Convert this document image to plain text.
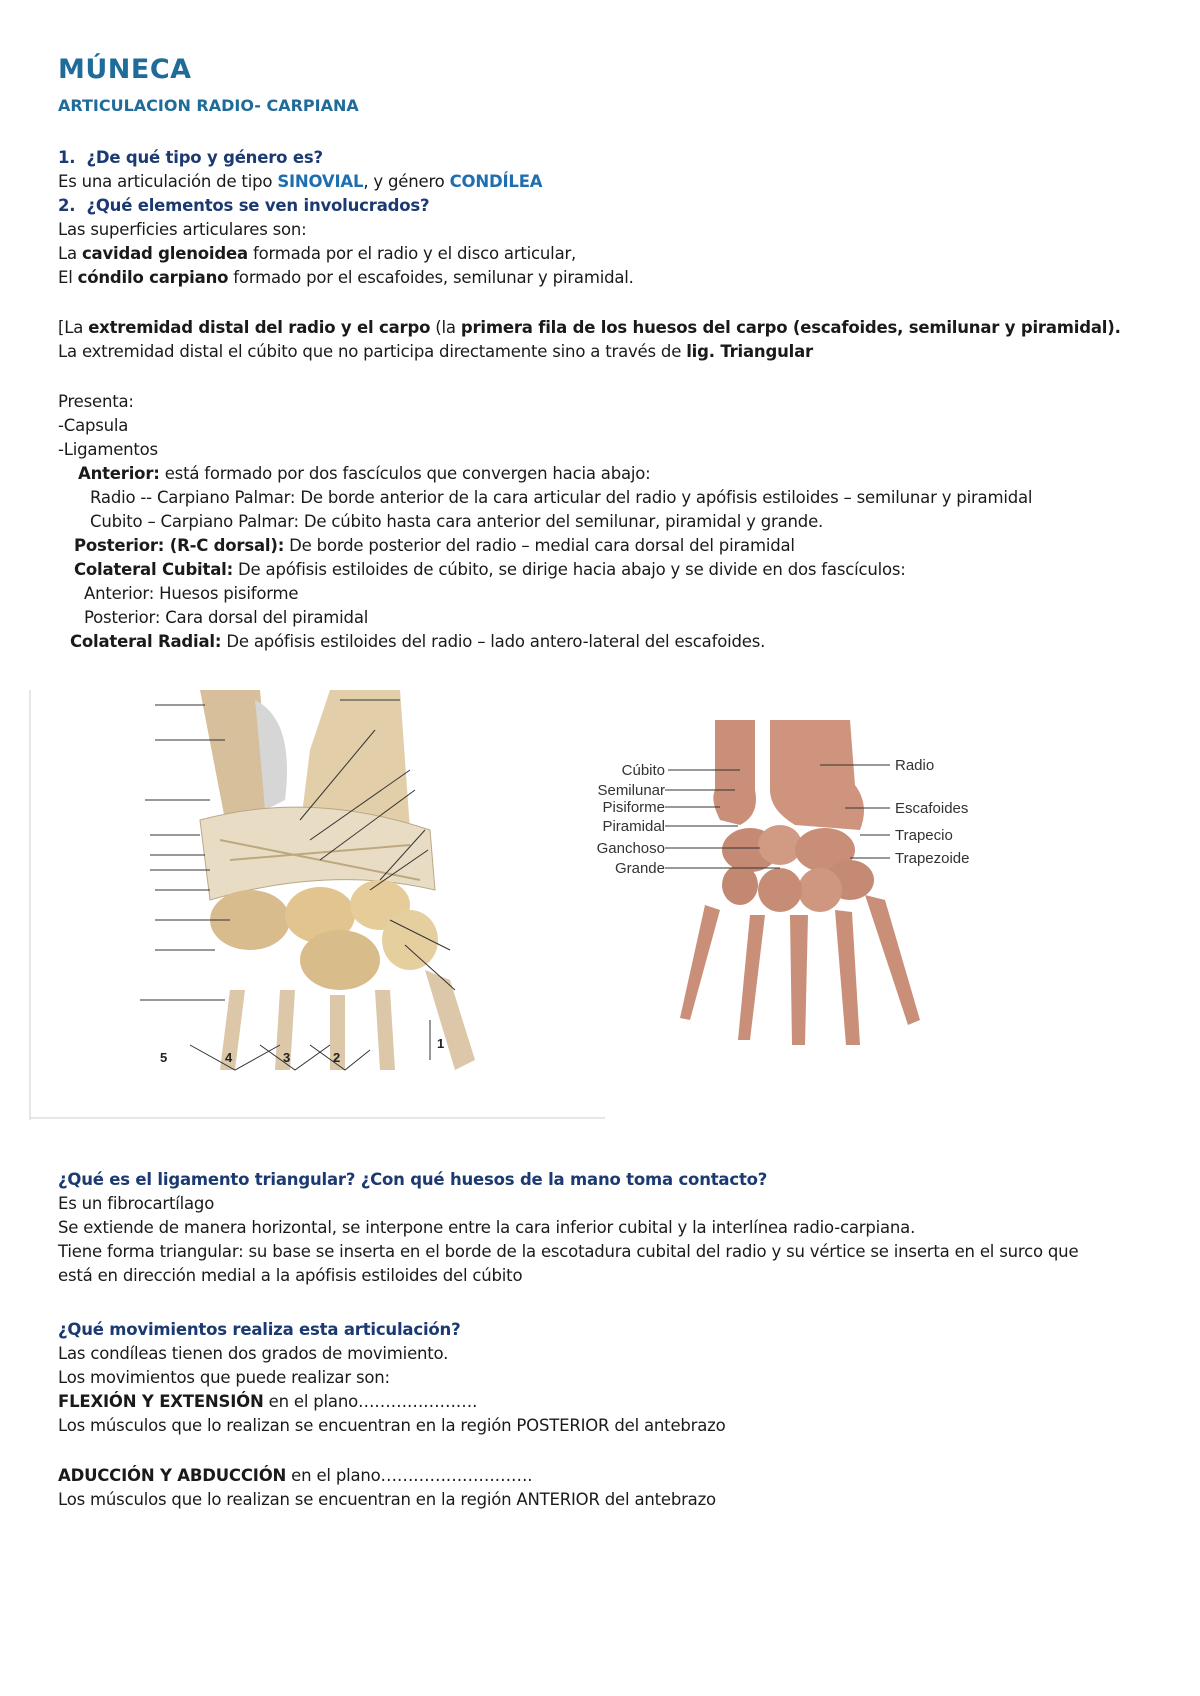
MÚNECA
ARTICULACION RADIO- CARPIANA
1. ¿De qué tipo y género es?
Es una articulación de tipo SINOVIAL, y género CONDÍLEA
2. ¿Qué elementos se ven involucrados?
Las superficies articulares son:
La cavidad glenoidea formada por el radio y el disco articular,
El cóndilo carpiano formado por el escafoides, semilunar y piramidal.
[La extremidad distal del radio y el carpo (la primera fila de los huesos del carpo (escafoides, semilunar y piramidal).
La extremidad distal el cúbito que no participa directamente sino a través de lig. Triangular
Presenta:
-Capsula
-Ligamentos
Anterior: está formado por dos fascículos que convergen hacia abajo:
Radio -- Carpiano Palmar: De borde anterior de la cara articular del radio y apófisis estiloides – semilunar y piramidal
Cubito – Carpiano Palmar: De cúbito hasta cara anterior del semilunar, piramidal y grande.
Posterior: (R-C dorsal): De borde posterior del radio – medial cara dorsal del piramidal
Colateral Cubital: De apófisis estiloides de cúbito, se dirige hacia abajo y se divide en dos fascículos:
Anterior: Huesos pisiforme
Posterior: Cara dorsal del piramidal
Colateral Radial: De apófisis estiloides del radio – lado antero-lateral del escafoides.
5	4	3	2
1
Cúbito
Semilunar
Pisiforme
Piramidal
Ganchoso
Grande
Radio
Escafoides
Trapecio
Trapezoide
¿Qué es el ligamento triangular? ¿Con qué huesos de la mano toma contacto?
Es un fibrocartílago
Se extiende de manera horizontal, se interpone entre la cara inferior cubital y la interlínea radio-carpiana.
Tiene forma triangular: su base se inserta en el borde de la escotadura cubital del radio y su vértice se inserta en el surco que
está en dirección medial a la apófisis estiloides del cúbito
¿Qué movimientos realiza esta articulación?
Las condíleas tienen dos grados de movimiento.
Los movimientos que puede realizar son:
FLEXIÓN Y EXTENSIÓN en el plano………………….
Los músculos que lo realizan se encuentran en la región POSTERIOR del antebrazo
ADUCCIÓN Y ABDUCCIÓN en el plano……………………….
Los músculos que lo realizan se encuentran en la región ANTERIOR del antebrazo
